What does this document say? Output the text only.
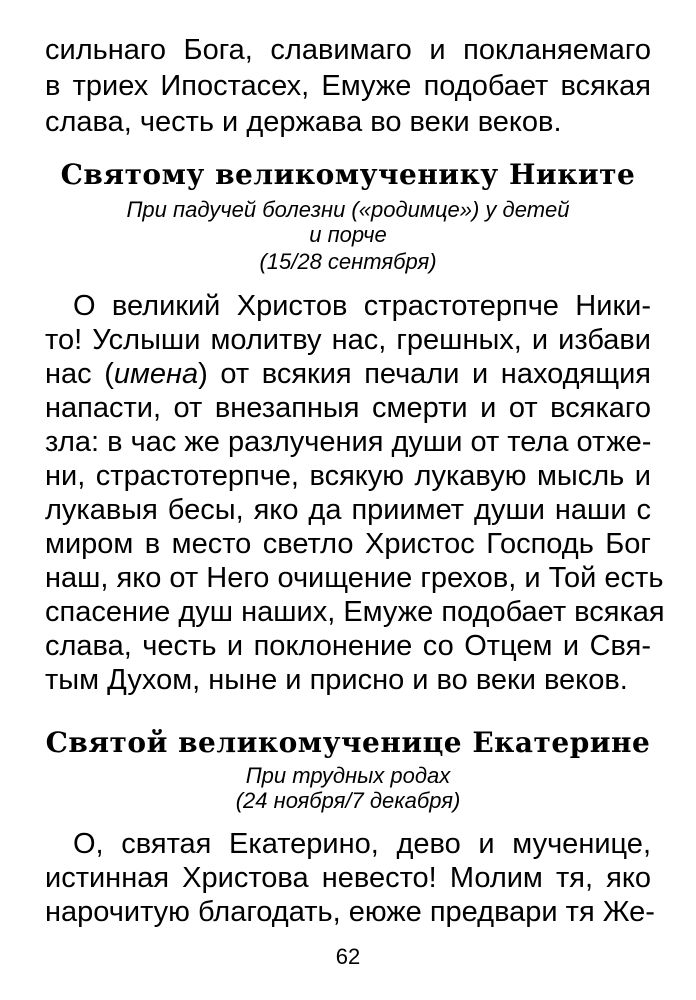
сильнаго Бога, славимаго и покланяемаго
в триех Ипостасех, Емуже подобает всякая
слава, честь и держава во веки веков.
Святому великомученику Никите
При падучей болезни («родимце») у детей
и порче
(15/28 сентября)
О великий Христов страстотерпче Ники-
то! Услыши молитву нас, грешных, и избави
нас (имена) от всякия печали и находящия
напасти, от внезапныя смерти и от всякаго
зла: в час же разлучения души от тела отже-
ни, страстотерпче, всякую лукавую мысль и
лукавыя бесы, яко да приимет души наши с
миром в место светло Христос Господь Бог
наш, яко от Него очищение грехов, и Той есть
спасение душ наших, Емуже подобает всякая
слава, честь и поклонение со Отцем и Свя-
тым Духом, ныне и присно и во веки веков.
Святой великомученице Екатерине
При трудных родах
(24 ноября/7 декабря)
О, святая Екатерино, дево и мученице,
истинная Христова невесто! Молим тя, яко
нарочитую благодать, еюже предвари тя Же-
62
